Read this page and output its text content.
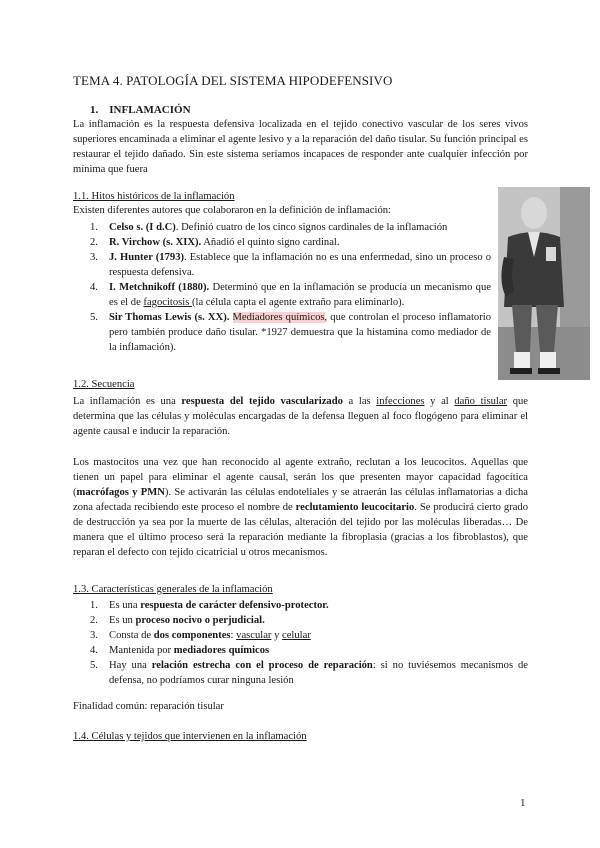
TEMA 4. PATOLOGÍA DEL SISTEMA HIPODEFENSIVO
1. INFLAMACIÓN

La inflamación es la respuesta defensiva localizada en el tejido conectivo vascular de los seres vivos superiores encaminada a eliminar el agente lesivo y a la reparación del daño tisular. Su función principal es restaurar el tejido dañado. Sin este sistema seríamos incapaces de responder ante cualquier infección por mínima que fuera

1.1. Hitos históricos de la inflamación
Existen diferentes autores que colaboraron en la definición de inflamación:
1. Celso s. (I d.C). Definió cuatro de los cinco signos cardinales de la inflamación
2. R. Virchow (s. XIX). Añadió el quinto signo cardinal.
3. J. Hunter (1793). Establece que la inflamación no es una enfermedad, sino un proceso o respuesta defensiva.
4. I. Metchnikoff (1880). Determinó que en la inflamación se producía un mecanismo que es el de fagocitosis (la célula capta el agente extraño para eliminarlo).
5. Sir Thomas Lewis (s. XX). Mediadores químicos, que controlan el proceso inflamatorio pero también produce daño tisular. *1927 demuestra que la histamina como mediador de la inflamación).
1.2. Secuencia

La inflamación es una respuesta del tejido vascularizado a las infecciones y al daño tisular que determina que las células y moléculas encargadas de la defensa lleguen al foco flogógeno para eliminar el agente causal e inducir la reparación.

Los mastocitos una vez que han reconocido al agente extraño, reclutan a los leucocitos. Aquellas que tienen un papel para eliminar el agente causal, serán los que presenten mayor capacidad fagocítica (macrófagos y PMN). Se activarán las células endoteliales y se atraerán las células inflamatorias a dicha zona afectada recibiendo este proceso el nombre de reclutamiento leucocitario. Se producirá cierto grado de destrucción ya sea por la muerte de las células, alteración del tejido por las moléculas liberadas… De manera que el último proceso será la reparación mediante la fibroplasia (gracias a los fibroblastos), que reparan el defecto con tejido cicatricial u otros mecanismos.

1.3. Características generales de la inflamación
1. Es una respuesta de carácter defensivo-protector.
2. Es un proceso nocivo o perjudicial.
3. Consta de dos componentes: vascular y celular
4. Mantenida por mediadores químicos
5. Hay una relación estrecha con el proceso de reparación: si no tuviésemos mecanismos de defensa, no podríamos curar ninguna lesión
Finalidad común: reparación tisular
1.4. Células y tejidos que intervienen en la inflamación
1
